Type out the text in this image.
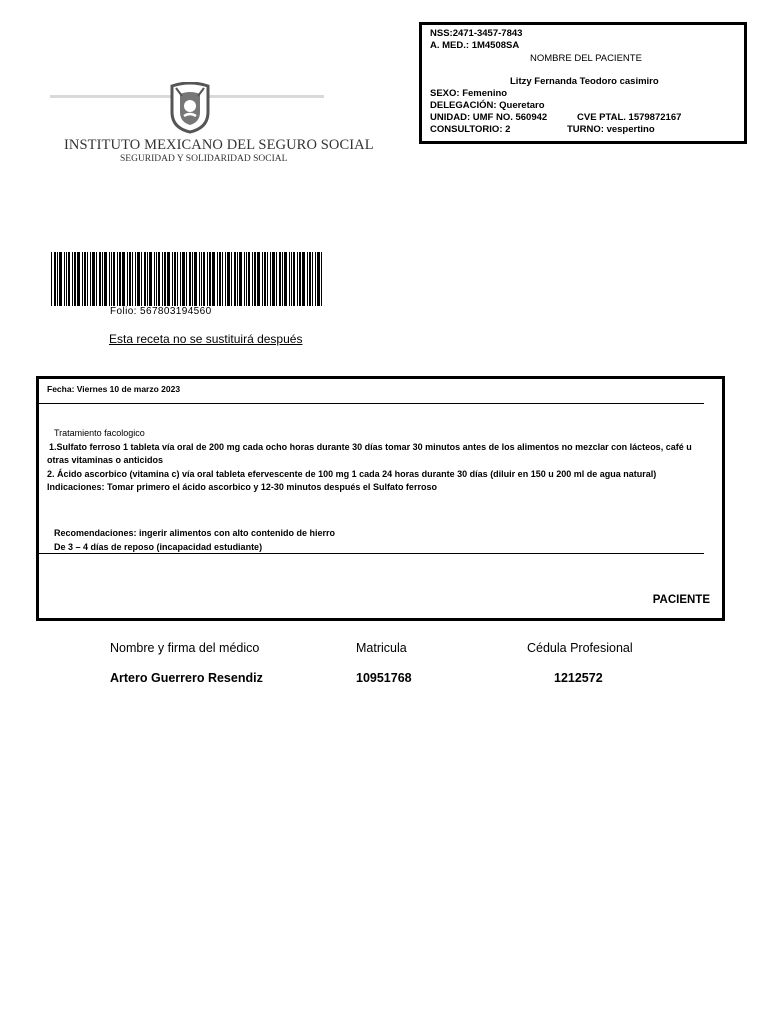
INSTITUTO MEXICANO DEL SEGURO SOCIAL
SEGURIDAD Y SOLIDARIDAD SOCIAL
NSS:2471-3457-7843
A. MED.: 1M4508SA
NOMBRE DEL PACIENTE
Litzy Fernanda Teodoro casimiro
SEXO: Femenino
DELEGACIÓN: Queretaro
UNIDAD: UMF NO. 560942	CVE PTAL. 1579872167
CONSULTORIO: 2	TURNO: vespertino
Folio: 567803194560
Esta receta no se sustituirá después
Fecha: Viernes 10 de marzo 2023
Tratamiento facologico
1.Sulfato ferroso 1 tableta vía oral de 200 mg cada ocho horas durante 30 días tomar 30 minutos antes de los alimentos no mezclar con lácteos, café u
otras vitaminas o anticidos
2. Ácido ascorbico (vitamina c) vía oral tableta efervescente de 100 mg 1 cada 24 horas durante 30 días (diluir en 150 u 200 ml de agua natural)
Indicaciones: Tomar primero el ácido ascorbico y 12-30 minutos después el Sulfato ferroso
Recomendaciones: ingerir alimentos con alto contenido de hierro
De 3 – 4 días de reposo (incapacidad estudiante)
PACIENTE
Nombre y firma del médico	Matricula	Cédula Profesional
Artero Guerrero Resendiz	10951768	1212572
